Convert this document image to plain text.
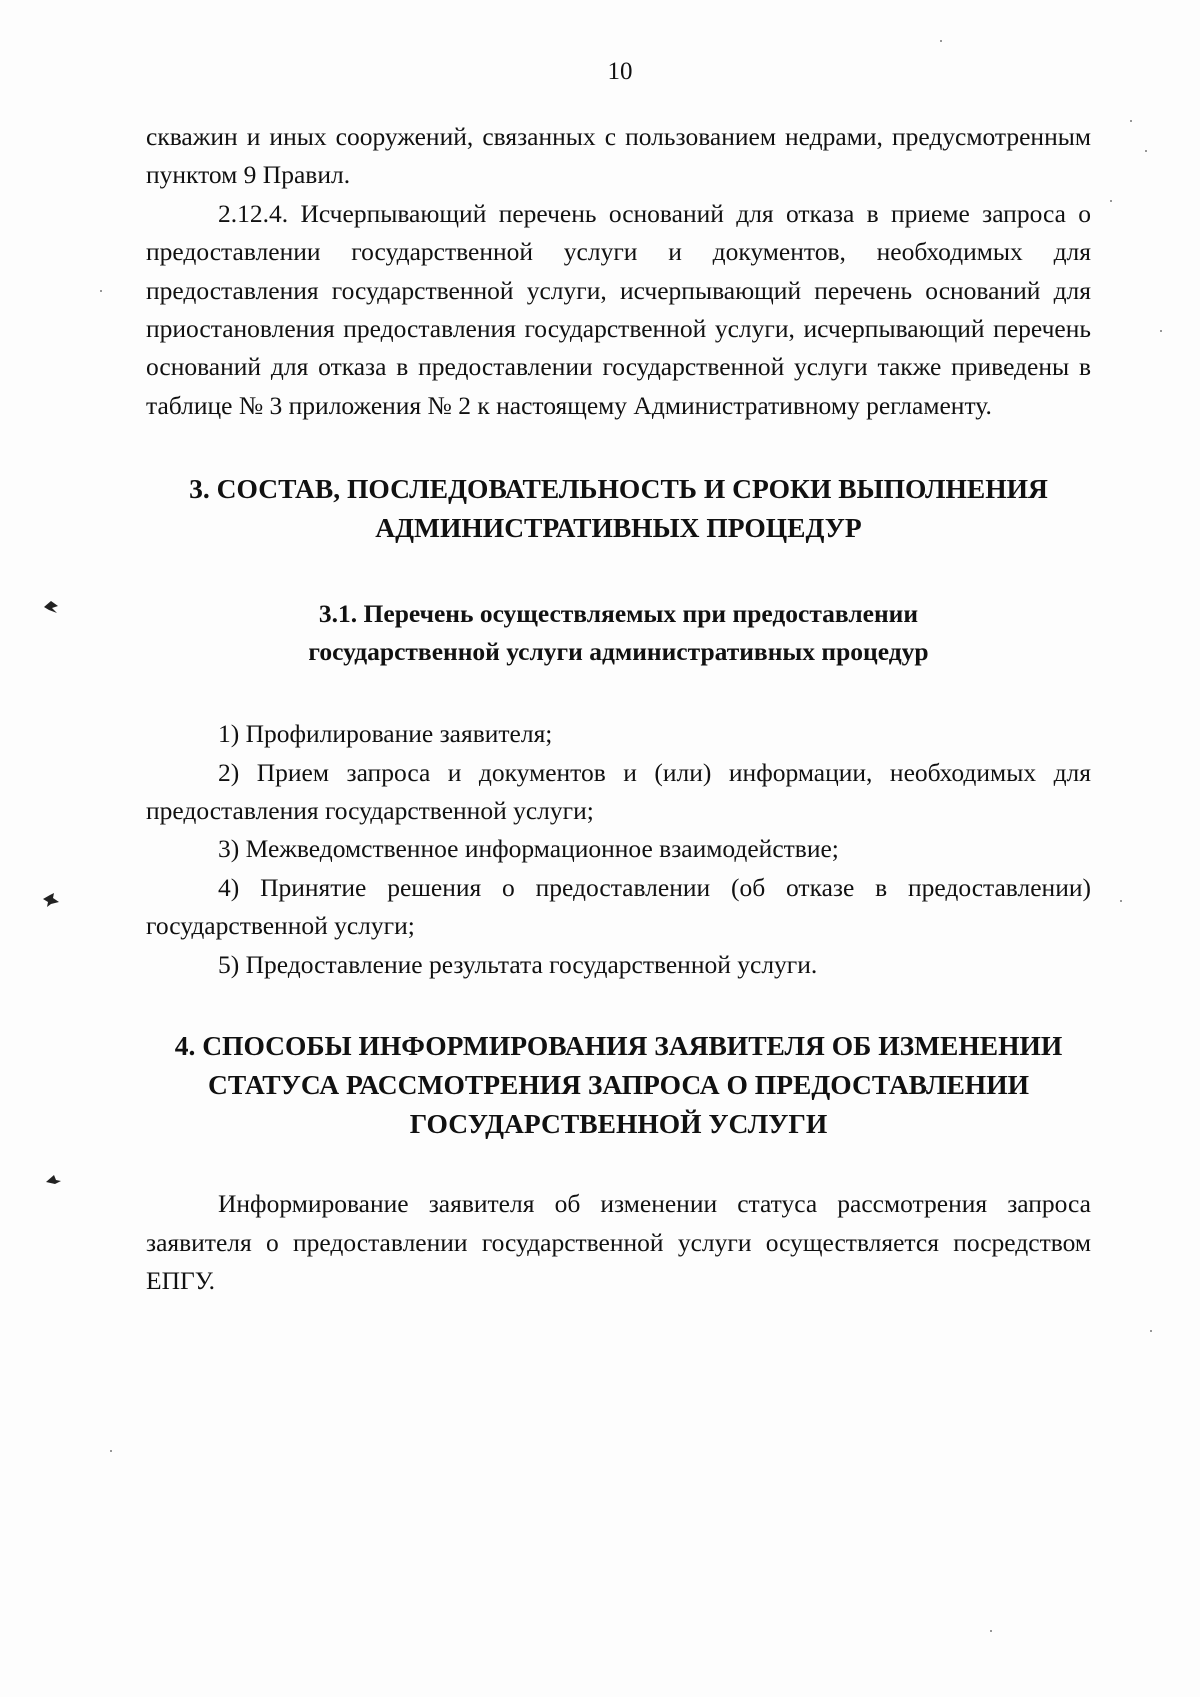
10

скважин и иных сооружений, связанных с пользованием недрами, предусмотренным пунктом 9 Правил.

2.12.4. Исчерпывающий перечень оснований для отказа в приеме запроса о предоставлении государственной услуги и документов, необходимых для предоставления государственной услуги, исчерпывающий перечень оснований для приостановления предоставления государственной услуги, исчерпывающий перечень оснований для отказа в предоставлении государственной услуги также приведены в таблице № 3 приложения № 2 к настоящему Административному регламенту.

3. СОСТАВ, ПОСЛЕДОВАТЕЛЬНОСТЬ И СРОКИ ВЫПОЛНЕНИЯ
АДМИНИСТРАТИВНЫХ ПРОЦЕДУР
3.1. Перечень осуществляемых при предоставлении
государственной услуги административных процедур

1) Профилирование заявителя;

2) Прием запроса и документов и (или) информации, необходимых для предоставления государственной услуги;

3) Межведомственное информационное взаимодействие;

4) Принятие решения о предоставлении (об отказе в предоставлении) государственной услуги;

5) Предоставление результата государственной услуги.

4. СПОСОБЫ ИНФОРМИРОВАНИЯ ЗАЯВИТЕЛЯ ОБ ИЗМЕНЕНИИ
СТАТУСА РАССМОТРЕНИЯ ЗАПРОСА О ПРЕДОСТАВЛЕНИИ
ГОСУДАРСТВЕННОЙ УСЛУГИ

Информирование заявителя об изменении статуса рассмотрения запроса заявителя о предоставлении государственной услуги осуществляется посредством ЕПГУ.
